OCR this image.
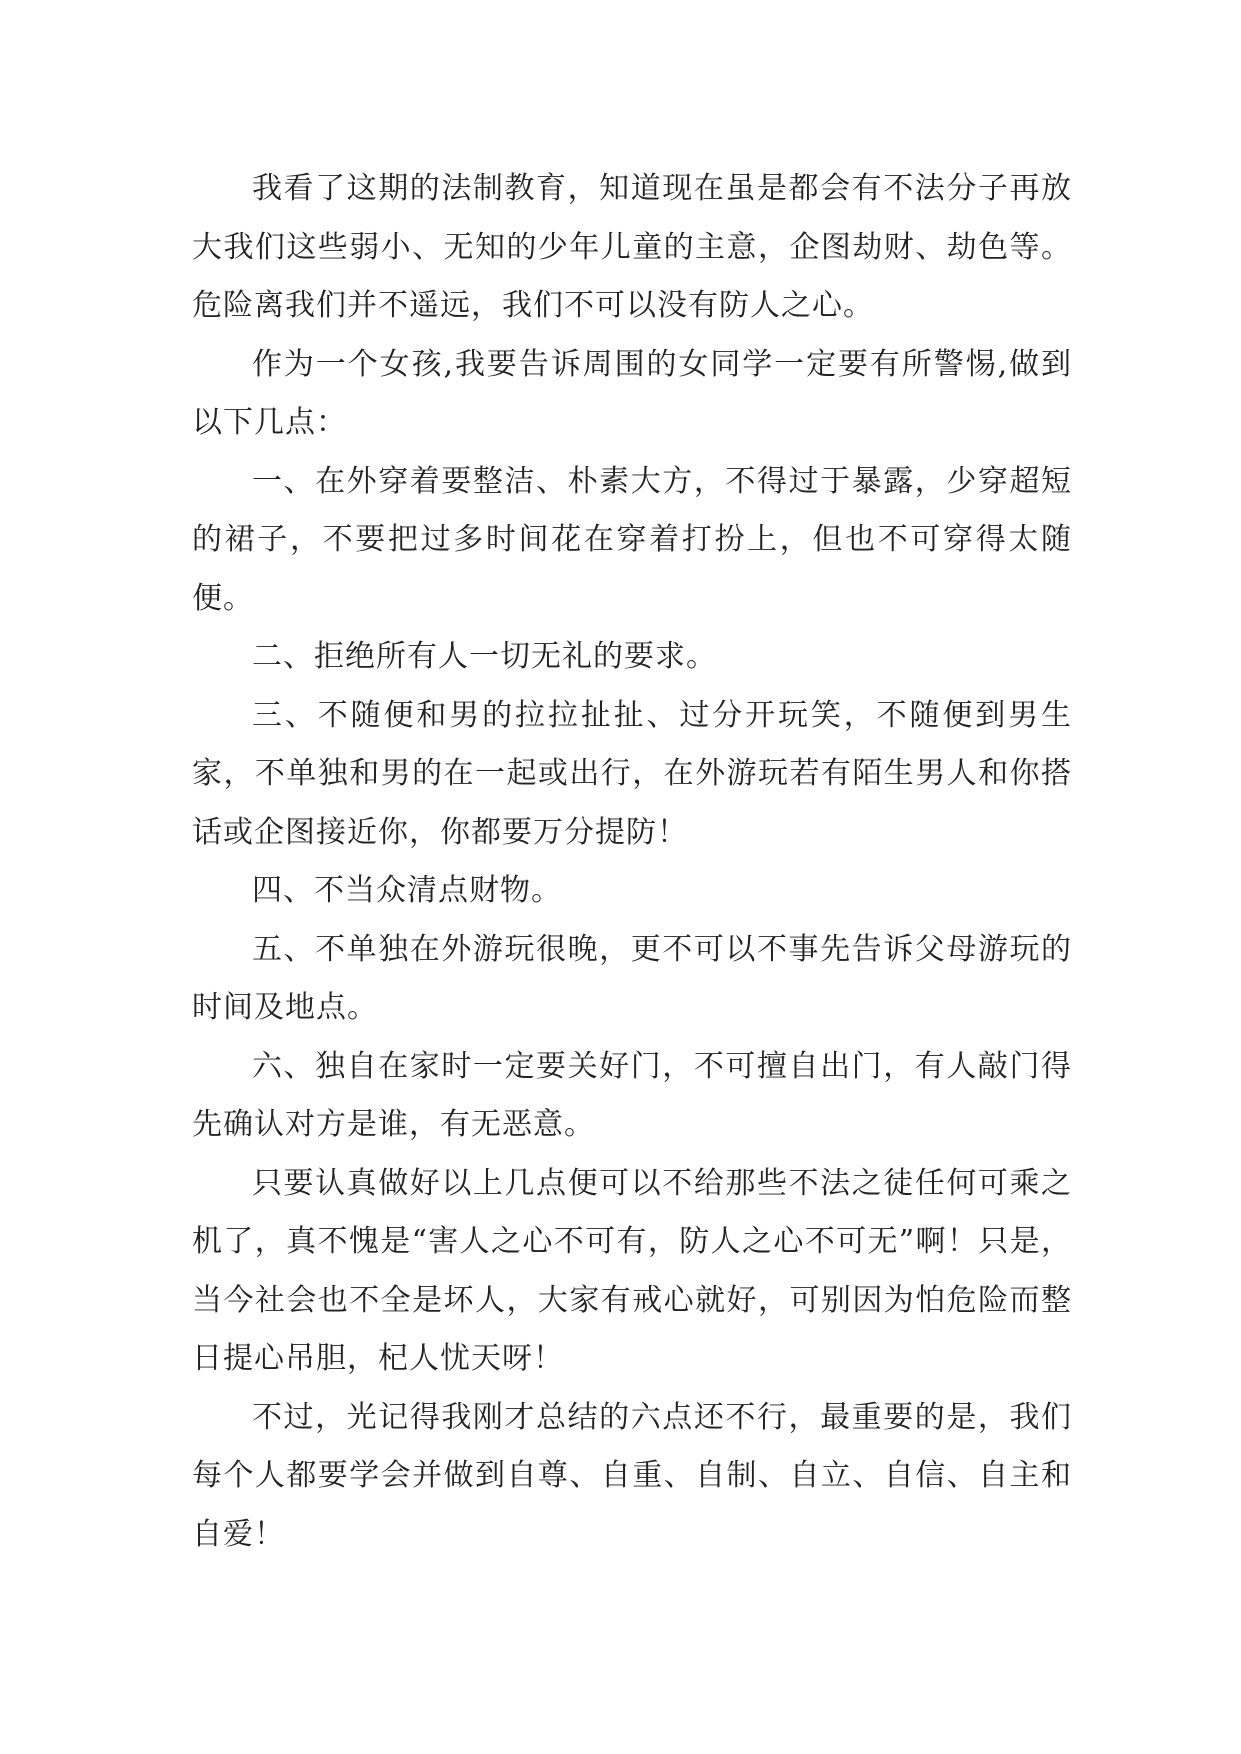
我看了这期的法制教育，知道现在虽是都会有不法分子再放大我们这些弱小、无知的少年儿童的主意，企图劫财、劫色等。危险离我们并不遥远，我们不可以没有防人之心。

作为一个女孩,我要告诉周围的女同学一定要有所警惕,做到以下几点：

一、在外穿着要整洁、朴素大方，不得过于暴露，少穿超短的裙子，不要把过多时间花在穿着打扮上，但也不可穿得太随便。

二、拒绝所有人一切无礼的要求。

三、不随便和男的拉拉扯扯、过分开玩笑，不随便到男生家，不单独和男的在一起或出行，在外游玩若有陌生男人和你搭话或企图接近你，你都要万分提防！

四、不当众清点财物。

五、不单独在外游玩很晚，更不可以不事先告诉父母游玩的时间及地点。

六、独自在家时一定要关好门，不可擅自出门，有人敲门得先确认对方是谁，有无恶意。

只要认真做好以上几点便可以不给那些不法之徒任何可乘之机了，真不愧是“害人之心不可有，防人之心不可无”啊！只是，当今社会也不全是坏人，大家有戒心就好，可别因为怕危险而整日提心吊胆，杞人忧天呀！

不过，光记得我刚才总结的六点还不行，最重要的是，我们每个人都要学会并做到自尊、自重、自制、自立、自信、自主和自爱！
